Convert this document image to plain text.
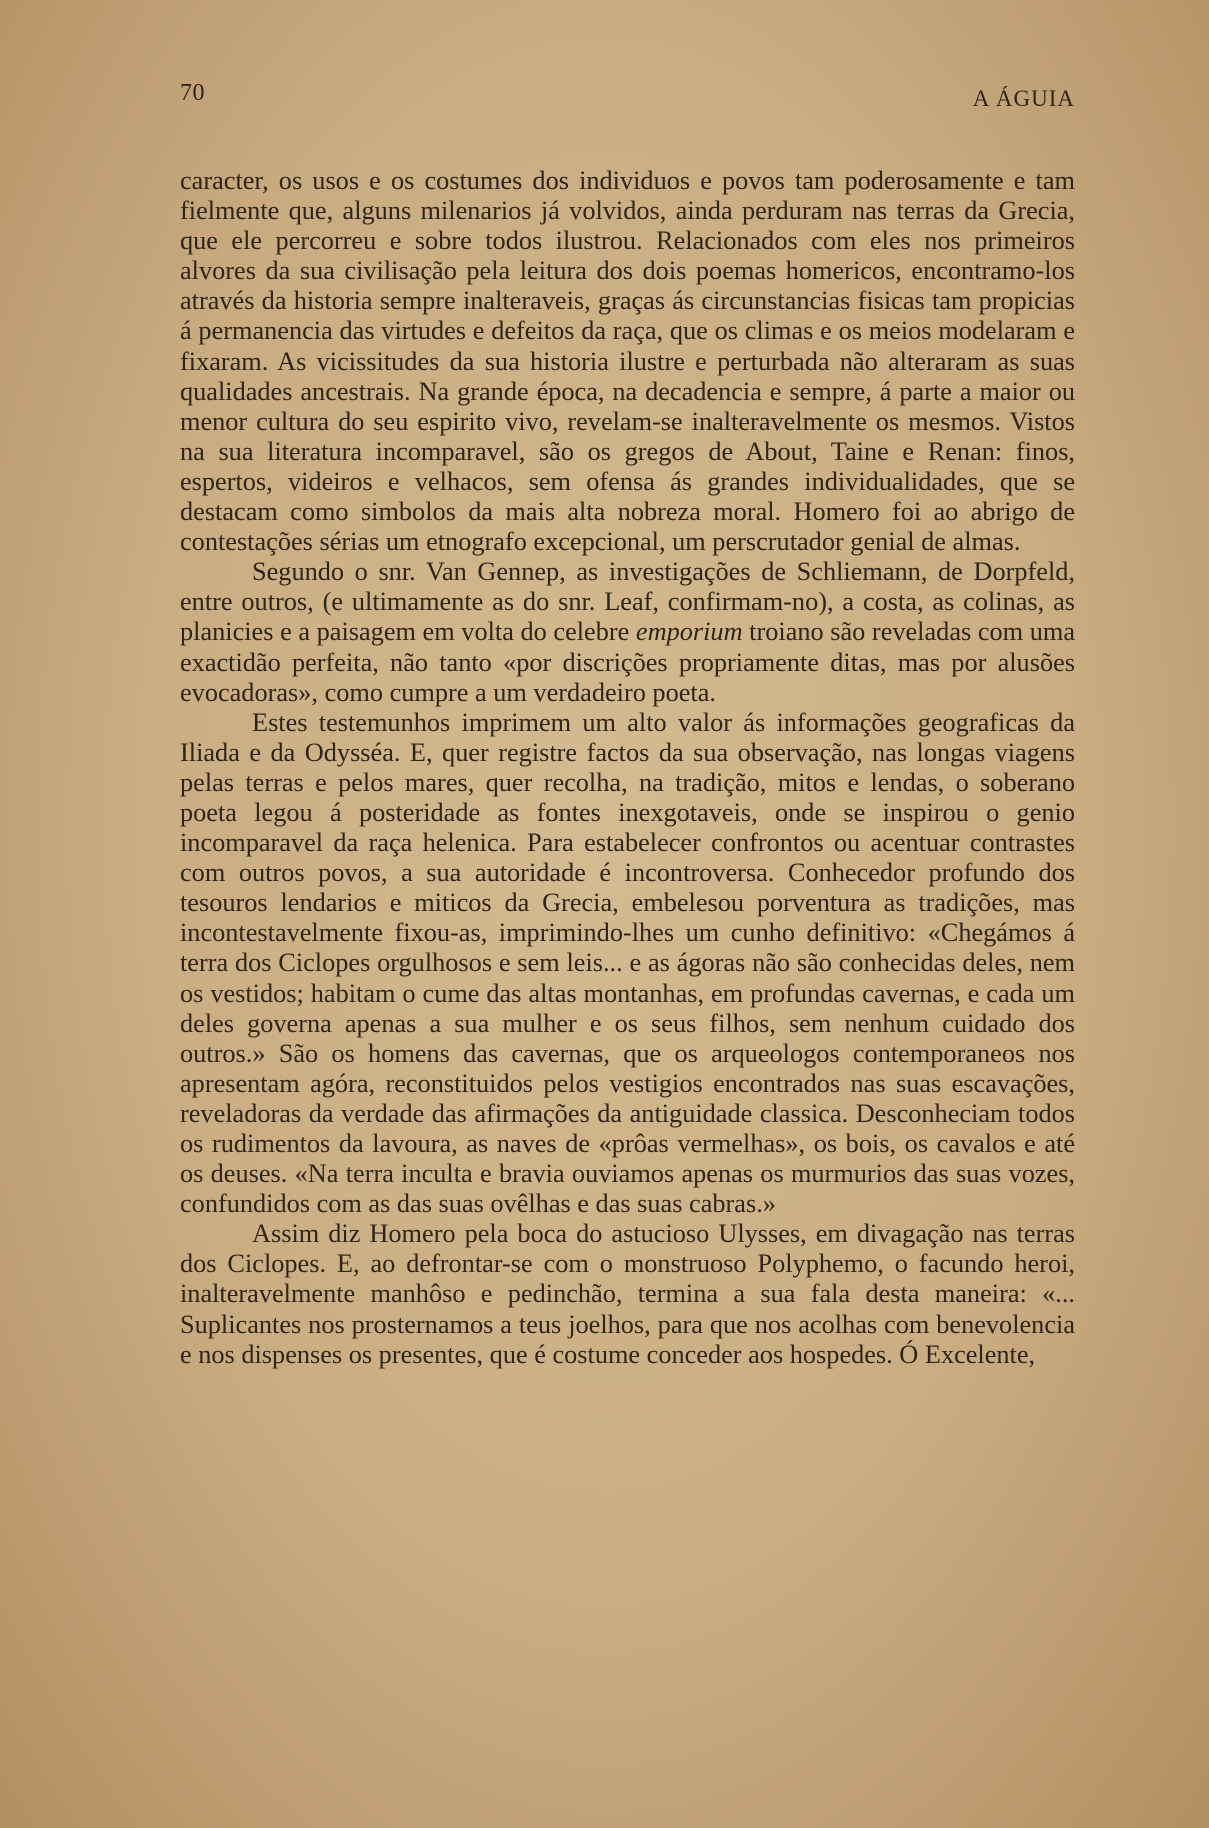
70	A ÁGUIA

caracter, os usos e os costumes dos individuos e povos tam poderosamente e tam fielmente que, alguns milenarios já volvidos, ainda perduram nas terras da Grecia, que ele percorreu e sobre todos ilustrou. Relacionados com eles nos primeiros alvores da sua civilisação pela leitura dos dois poemas homericos, encontramo-los através da historia sempre inalteraveis, graças ás circunstancias fisicas tam propicias á permanencia das virtudes e defeitos da raça, que os climas e os meios modelaram e fixaram. As vicissitudes da sua historia ilustre e perturbada não alteraram as suas qualidades ancestrais. Na grande época, na decadencia e sempre, á parte a maior ou menor cultura do seu espirito vivo, revelam-se inalteravelmente os mesmos. Vistos na sua literatura incomparavel, são os gregos de About, Taine e Renan: finos, espertos, videiros e velhacos, sem ofensa ás grandes individualidades, que se destacam como simbolos da mais alta nobreza moral. Homero foi ao abrigo de contestações sérias um etnografo excepcional, um perscrutador genial de almas.

Segundo o snr. Van Gennep, as investigações de Schliemann, de Dorpfeld, entre outros, (e ultimamente as do snr. Leaf, confirmam-no), a costa, as colinas, as planicies e a paisagem em volta do celebre emporium troiano são reveladas com uma exactidão perfeita, não tanto «por discrições propriamente ditas, mas por alusões evocadoras», como cumpre a um verdadeiro poeta.

Estes testemunhos imprimem um alto valor ás informações geograficas da Iliada e da Odysséa. E, quer registre factos da sua observação, nas longas viagens pelas terras e pelos mares, quer recolha, na tradição, mitos e lendas, o soberano poeta legou á posteridade as fontes inexgotaveis, onde se inspirou o genio incomparavel da raça helenica. Para estabelecer confrontos ou acentuar contrastes com outros povos, a sua autoridade é incontroversa. Conhecedor profundo dos tesouros lendarios e miticos da Grecia, embelesou porventura as tradições, mas incontestavelmente fixou-as, imprimindo-lhes um cunho definitivo: «Chegámos á terra dos Ciclopes orgulhosos e sem leis... e as ágoras não são conhecidas deles, nem os vestidos; habitam o cume das altas montanhas, em profundas cavernas, e cada um deles governa apenas a sua mulher e os seus filhos, sem nenhum cuidado dos outros.» São os homens das cavernas, que os arqueologos contemporaneos nos apresentam agóra, reconstituidos pelos vestigios encontrados nas suas escavações, reveladoras da verdade das afirmações da antiguidade classica. Desconheciam todos os rudimentos da lavoura, as naves de «prôas vermelhas», os bois, os cavalos e até os deuses. «Na terra inculta e bravia ouviamos apenas os murmurios das suas vozes, confundidos com as das suas ovêlhas e das suas cabras.»

Assim diz Homero pela boca do astucioso Ulysses, em divagação nas terras dos Ciclopes. E, ao defrontar-se com o monstruoso Polyphemo, o facundo heroi, inalteravelmente manhôso e pedinchão, termina a sua fala desta maneira: «... Suplicantes nos prosternamos a teus joelhos, para que nos acolhas com benevolencia e nos dispenses os presentes, que é costume conceder aos hospedes. Ó Excelente,
